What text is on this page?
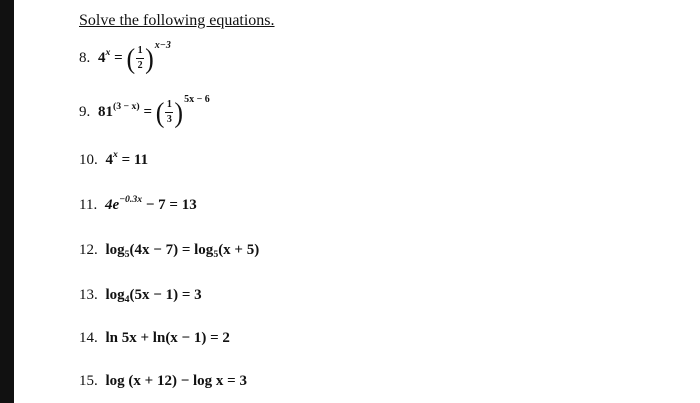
Solve the following equations.
8. $4^x$ = ( $\frac{1}{2}$ ) x−3
9. $81^{(3 - x)}$ = ( $\frac{1}{3}$ ) 5x − 6
10. $4^x = 11$
11. $4e^{-0.3x} - 7 = 13$
12. $\log_5(4x - 7) = \log_5(x + 5)$
13. $\log_4(5x - 1) = 3$
14. ln 5x + ln(x − 1) = 2
15. log (x + 12) − log x = 3
